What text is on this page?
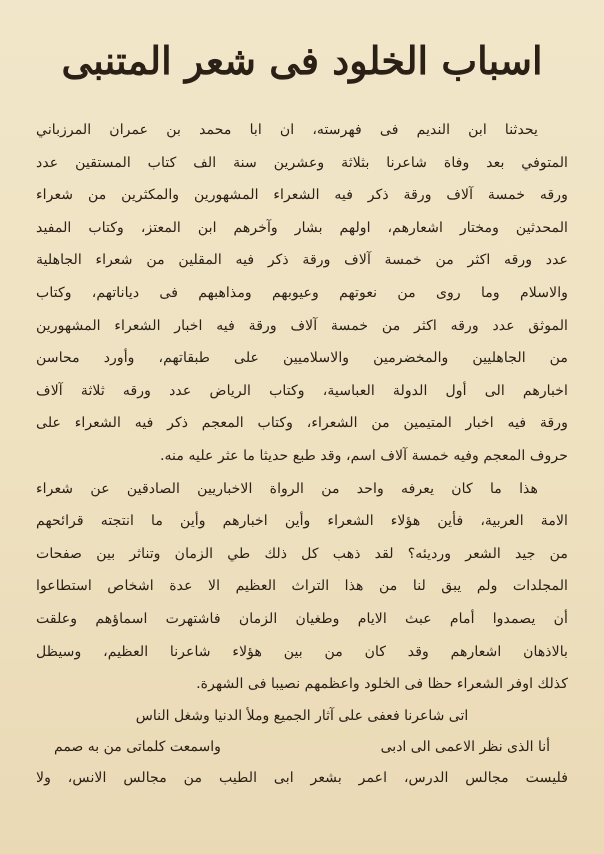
اسباب الخلود فى شعر المتنبى
يحدثنا ابن النديم فى فهرسته، ان ابا محمد بن عمران المرزباني
المتوفي بعد وفاة شاعرنا بثلاثة وعشرين سنة الف كتاب المستقين عدد
ورقه خمسة آلاف ورقة ذكر فيه الشعراء المشهورين والمكثرين من شعراء
المحدثين ومختار اشعارهم، اولهم بشار وآخرهم ابن المعتز، وكتاب المفيد
عدد ورقه اكثر من خمسة آلاف ورقة ذكر فيه المقلين من شعراء الجاهلية
والاسلام وما روى من نعوتهم وعيوبهم ومذاهبهم فى دياناتهم، وكتاب
الموثق عدد ورقه اكثر من خمسة آلاف ورقة فيه اخبار الشعراء المشهورين
من الجاهليين والمخضرمين والاسلاميين على طبقاتهم، وأورد محاسن
اخبارهم الى أول الدولة العباسية، وكتاب الرياض عدد ورقه ثلاثة آلاف
ورقة فيه اخبار المتيمين من الشعراء، وكتاب المعجم ذكر فيه الشعراء على
حروف المعجم وفيه خمسة آلاف اسم، وقد طبع حديثا ما عثر عليه منه.
هذا ما كان يعرفه واحد من الرواة الاخباريين الصادقين عن شعراء
الامة العربية، فأين هؤلاء الشعراء وأين اخبارهم وأين ما انتجته قرائحهم
من جيد الشعر ورديئه؟ لقد ذهب كل ذلك طي الزمان وتناثر بين صفحات
المجلدات ولم يبق لنا من هذا التراث العظيم الا عدة اشخاص استطاعوا
أن يصمدوا أمام عبث الايام وطغيان الزمان فاشتهرت اسماؤهم وعلقت
بالاذهان اشعارهم وقد كان من بين هؤلاء شاعرنا العظيم، وسيظل
كذلك اوفر الشعراء حظا فى الخلود واعظمهم نصيبا فى الشهرة.
اتى شاعرنا فعفى على آثار الجميع وملأ الدنيا وشغل الناس
أنا الذى نظر الاعمى الى ادبى
واسمعت كلماتى من به صمم
فليست مجالس الدرس، اعمر بشعر ابى الطيب من مجالس الانس، ولا
